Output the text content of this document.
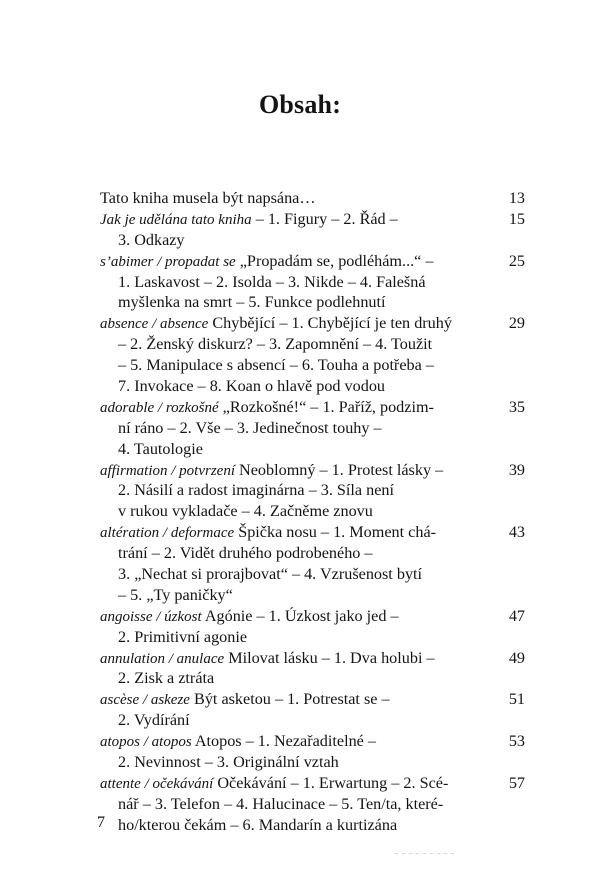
Obsah:
Tato kniha musela být napsána…	13
Jak je udělána tato kniha – 1. Figury – 2. Řád –
3. Odkazy
15
s’abimer / propadat se „Propadám se, podléhám...“ –
1. Laskavost – 2. Isolda – 3. Nikde – 4. Falešná
myšlenka na smrt – 5. Funkce podlehnutí
25
absence / absence Chybějící – 1. Chybějící je ten druhý
– 2. Ženský diskurz? – 3. Zapomnění – 4. Toužit
– 5. Manipulace s absencí – 6. Touha a potřeba –
7. Invokace – 8. Koan o hlavě pod vodou
29
adorable / rozkošné „Rozkošné!“ – 1. Paříž, podzim-
ní ráno – 2. Vše – 3. Jedinečnost touhy –
4. Tautologie
35
affirmation / potvrzení Neoblomný – 1. Protest lásky –
2. Násilí a radost imaginárna – 3. Síla není
v rukou vykladače – 4. Začněme znovu
39
altération / deformace Špička nosu – 1. Moment chá-
trání – 2. Vidět druhého podrobeného –
3. „Nechat si prorajbovat“ – 4. Vzrušenost bytí
– 5. „Ty paničky“
43
angoisse / úzkost Agónie – 1. Úzkost jako jed –
2. Primitivní agonie
47
annulation / anulace Milovat lásku – 1. Dva holubi –
2. Zisk a ztráta
49
ascèse / askeze Být asketou – 1. Potrestat se –
2. Vydírání
51
atopos / atopos Atopos – 1. Nezařaditelné –
2. Nevinnost – 3. Originální vztah
53
attente / očekávání Očekávání – 1. Erwartung – 2. Scé-
nář – 3. Telefon – 4. Halucinace – 5. Ten/ta, které-
ho/kterou čekám – 6. Mandarín a kurtizána
57
7
